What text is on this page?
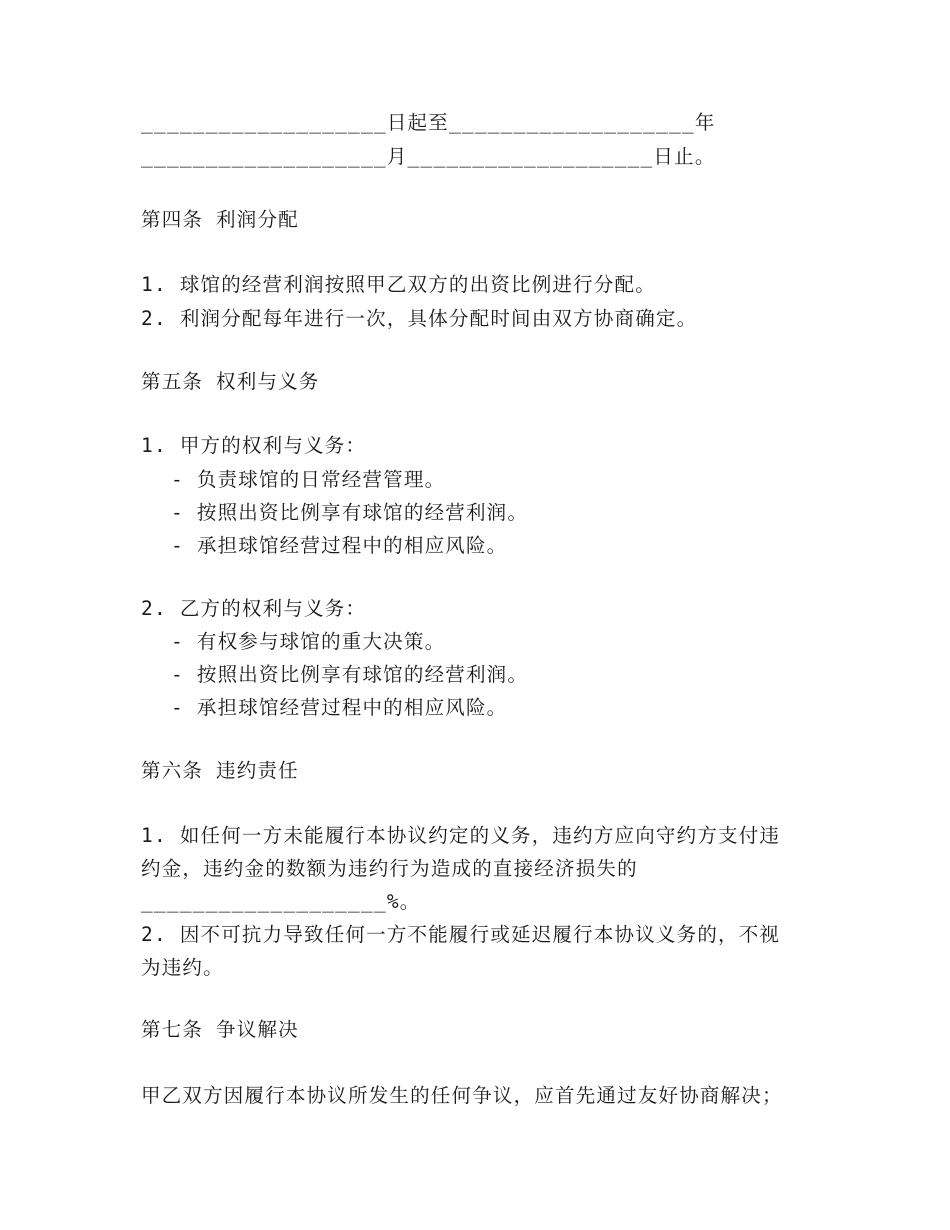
___________________日起至___________________年
___________________月___________________日止。
第四条 利润分配
1. 球馆的经营利润按照甲乙双方的出资比例进行分配。
2. 利润分配每年进行一次，具体分配时间由双方协商确定。
第五条 权利与义务
1. 甲方的权利与义务：
- 负责球馆的日常经营管理。
- 按照出资比例享有球馆的经营利润。
- 承担球馆经营过程中的相应风险。
2. 乙方的权利与义务：
- 有权参与球馆的重大决策。
- 按照出资比例享有球馆的经营利润。
- 承担球馆经营过程中的相应风险。
第六条 违约责任
1. 如任何一方未能履行本协议约定的义务，违约方应向守约方支付违
约金，违约金的数额为违约行为造成的直接经济损失的
___________________%。
2. 因不可抗力导致任何一方不能履行或延迟履行本协议义务的，不视
为违约。
第七条 争议解决
甲乙双方因履行本协议所发生的任何争议，应首先通过友好协商解决；
